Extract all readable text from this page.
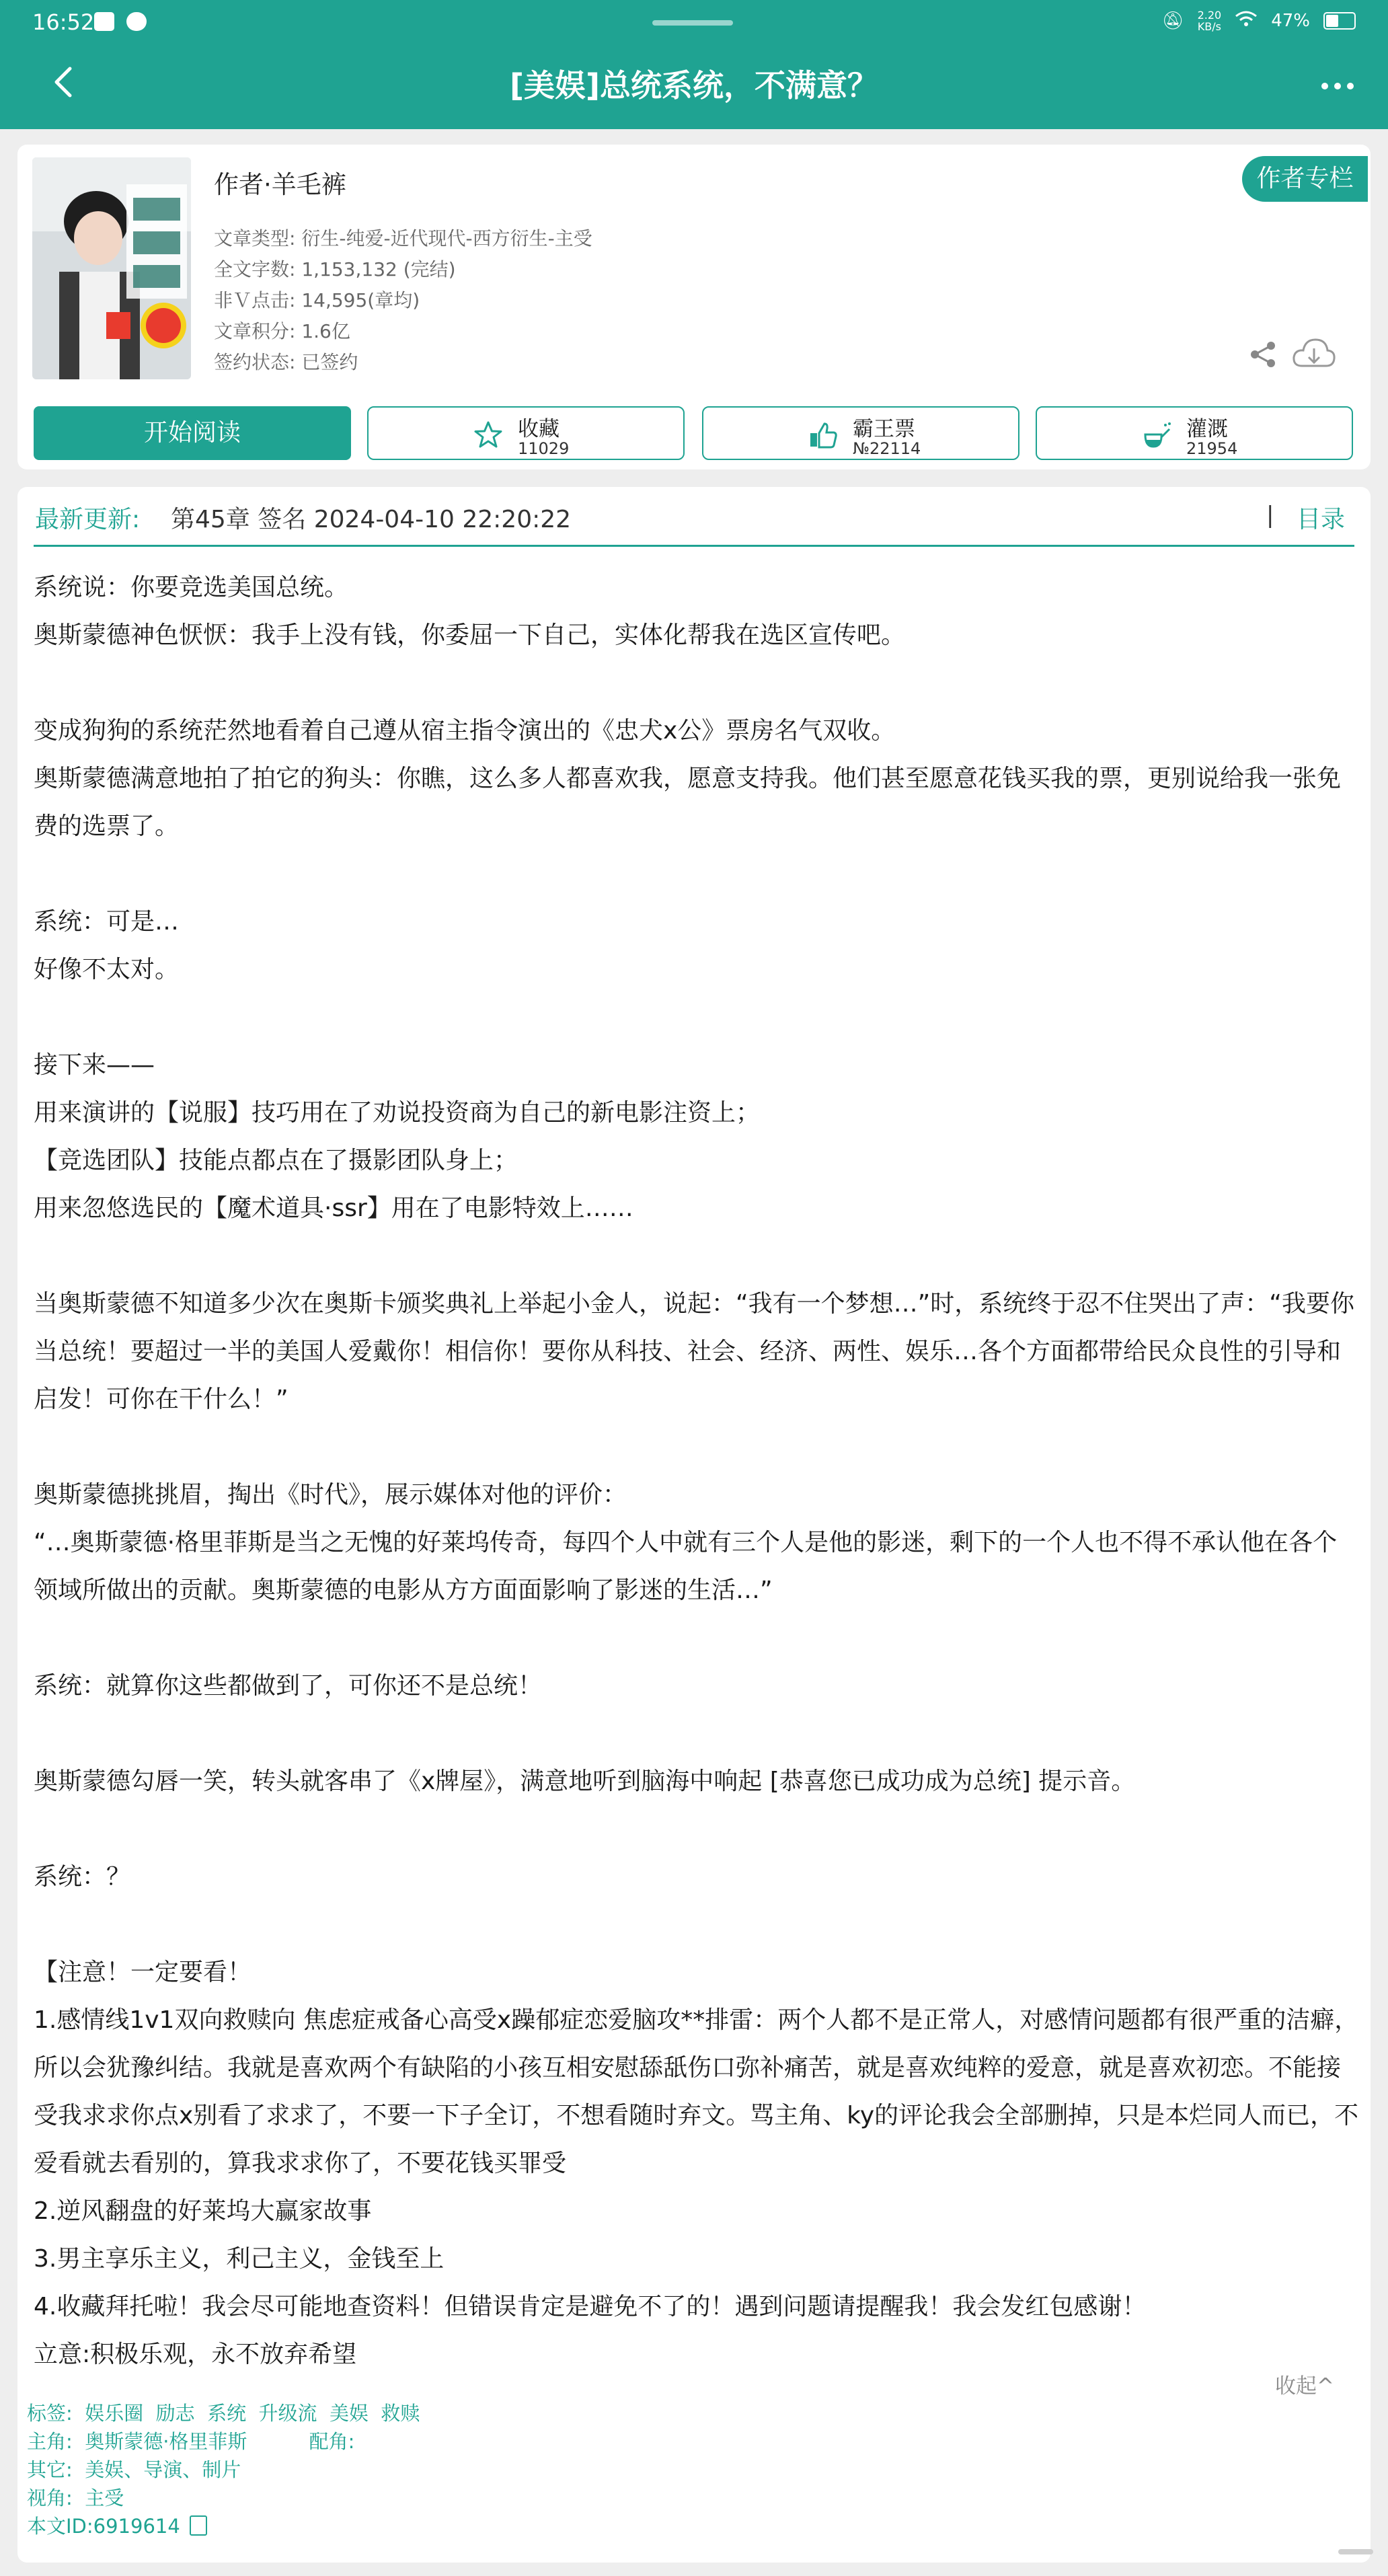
16:52	🔕︎ 2.20
KB/s	47%
[美娱]总统系统，不满意？
作者·羊毛裤	作者专栏
文章类型: 衍生-纯爱-近代现代-西方衍生-主受
全文字数: 1,153,132 (完结)
非Ｖ点击: 14,595(章均)
文章积分: 1.6亿
签约状态: 已签约
开始阅读	收藏
11029
霸王票
№22114
灌溉
21954
最新更新: 第45章 签名 2024-04-10 22:20:22	| 目录

系统说：你要竞选美国总统。

奥斯蒙德神色恹恹：我手上没有钱，你委屈一下自己，实体化帮我在选区宣传吧。

变成狗狗的系统茫然地看着自己遵从宿主指令演出的《忠犬x公》票房名气双收。

奥斯蒙德满意地拍了拍它的狗头：你瞧，这么多人都喜欢我，愿意支持我。他们甚至愿意花钱买我的票，更别说给我一张免费的选票了。

系统：可是…

好像不太对。

接下来——

用来演讲的【说服】技巧用在了劝说投资商为自己的新电影注资上；

【竞选团队】技能点都点在了摄影团队身上；

用来忽悠选民的【魔术道具·ssr】用在了电影特效上……

当奥斯蒙德不知道多少次在奥斯卡颁奖典礼上举起小金人，说起：“我有一个梦想…”时，系统终于忍不住哭出了声：“我要你当总统！要超过一半的美国人爱戴你！相信你！要你从科技、社会、经济、两性、娱乐…各个方面都带给民众良性的引导和启发！可你在干什么！”

奥斯蒙德挑挑眉，掏出《时代》，展示媒体对他的评价：

“…奥斯蒙德·格里菲斯是当之无愧的好莱坞传奇，每四个人中就有三个人是他的影迷，剩下的一个人也不得不承认他在各个领域所做出的贡献。奥斯蒙德的电影从方方面面影响了影迷的生活…”

系统：就算你这些都做到了，可你还不是总统！

奥斯蒙德勾唇一笑，转头就客串了《x牌屋》，满意地听到脑海中响起 [恭喜您已成功成为总统] 提示音。

系统：？

【注意！一定要看！

1.感情线1v1双向救赎向 焦虑症戒备心高受x躁郁症恋爱脑攻**排雷：两个人都不是正常人，对感情问题都有很严重的洁癖，所以会犹豫纠结。我就是喜欢两个有缺陷的小孩互相安慰舔舐伤口弥补痛苦，就是喜欢纯粹的爱意，就是喜欢初恋。不能接受我求求你点x别看了求求了，不要一下子全订，不想看随时弃文。骂主角、ky的评论我会全部删掉，只是本烂同人而已，不爱看就去看别的，算我求求你了，不要花钱买罪受

2.逆风翻盘的好莱坞大赢家故事

3.男主享乐主义，利己主义，金钱至上

4.收藏拜托啦！我会尽可能地查资料！但错误肯定是避免不了的！遇到问题请提醒我！我会发红包感谢！

立意:积极乐观，永不放弃希望

收起^
标签:  娱乐圈  励志  系统  升级流  美娱  救赎
主角:  奥斯蒙德·格里菲斯          配角:
其它:  美娱、导演、制片
视角:  主受
本文ID:6919614
